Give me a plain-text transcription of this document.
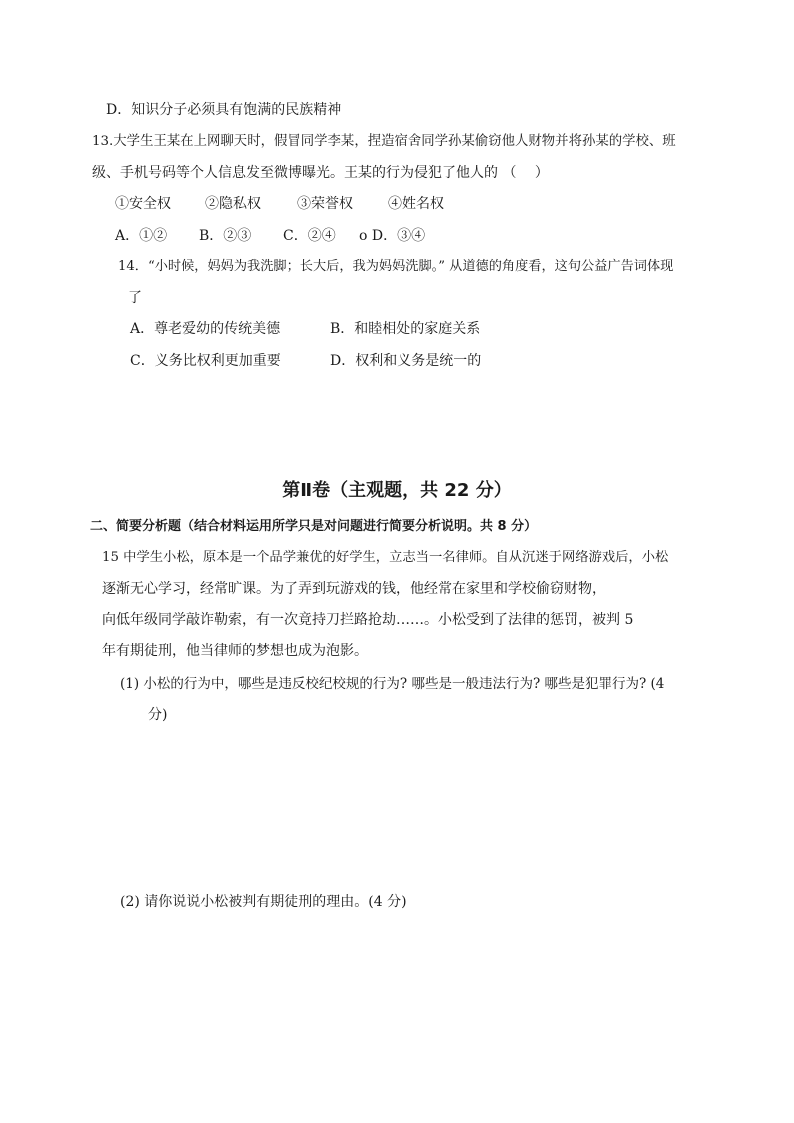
D．知识分子必须具有饱满的民族精神
13.大学生王某在上网聊天时，假冒同学李某，捏造宿舍同学孙某偷窃他人财物并将孙某的学校、班
级、手机号码等个人信息发至微博曝光。王某的行为侵犯了他人的 （　 ）
①安全权 ②隐私权	③荣誉权	④姓名权
A．①② B．②③ C．②④ o D．③④
14．“小时候，妈妈为我洗脚；长大后，我为妈妈洗脚。” 从道德的角度看，这句公益广告词体现
了
A．尊老爱幼的传统美德	B．和睦相处的家庭关系
C．义务比权利更加重要	D．权利和义务是统一的
第Ⅱ卷（主观题，共 22 分）
二、简要分析题（结合材料运用所学只是对问题进行简要分析说明。共 8 分）
15 中学生小松，原本是一个品学兼优的好学生，立志当一名律师。自从沉迷于网络游戏后，小松
逐渐无心学习，经常旷课。为了弄到玩游戏的钱，他经常在家里和学校偷窃财物，
向低年级同学敲诈勒索，有一次竟持刀拦路抢劫……。小松受到了法律的惩罚，被判 5
年有期徒刑，他当律师的梦想也成为泡影。
(1) 小松的行为中，哪些是违反校纪校规的行为? 哪些是一般违法行为? 哪些是犯罪行为? (4
分)
(2) 请你说说小松被判有期徒刑的理由。(4 分)
